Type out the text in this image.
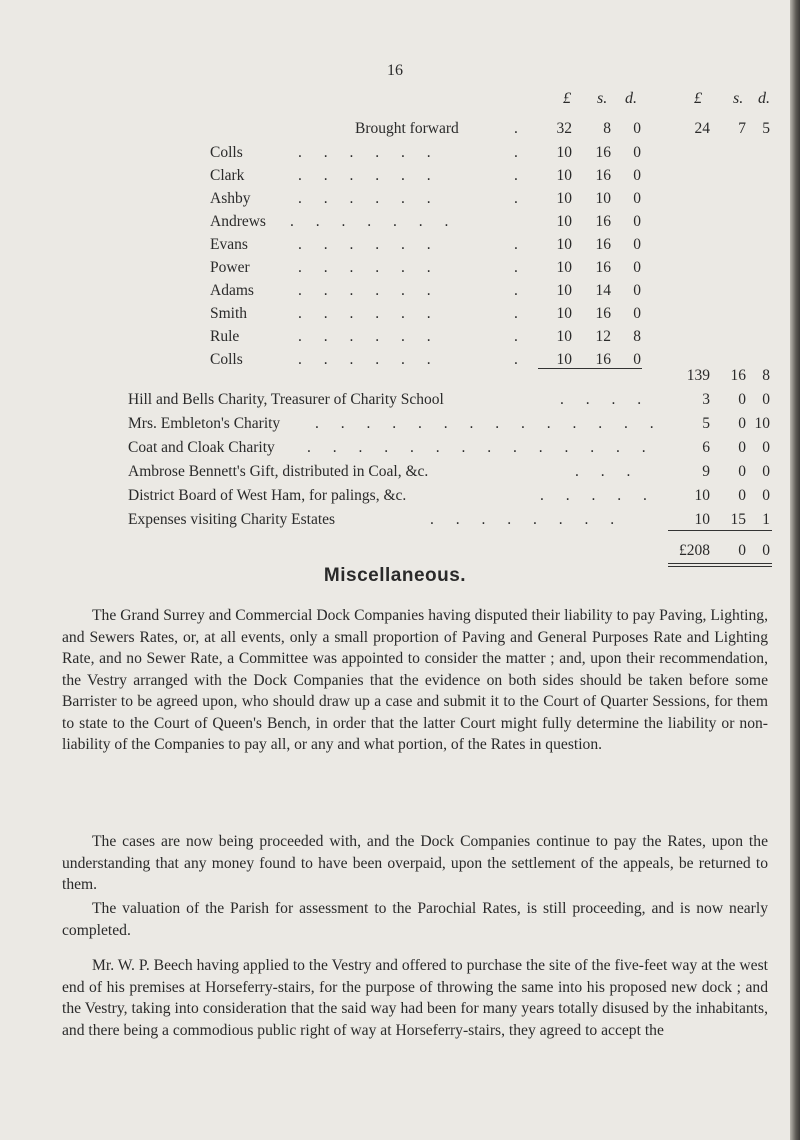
16
£ s. d.	£ s. d.
Brought forward	.	32	8	0	24	7	5
Colls	. . . . . .	.	10	16	0
Clark	. . . . . .	.	10	16	0
Ashby	. . . . . .	.	10	10	0
Andrews . . . . . . .	10	16	0
Evans	. . . . . .	.	10	16	0
Power	. . . . . .	.	10	16	0
Adams	. . . . . .	.	10	14	0
Smith	. . . . . .	.	10	16	0
Rule	. . . . . .	.	10	12	8
Colls	. . . . . .	.	10	16	0
139	16	8
Hill and Bells Charity, Treasurer of Charity School	. . . .	3	0	0
Mrs. Embleton's Charity . . . . . . . . . . . . . .	5	0 10
Coat and Cloak Charity . . . . . . . . . . . . . .	6	0	0
Ambrose Bennett's Gift, distributed in Coal, &c.	. . .	9	0	0
District Board of West Ham, for palings, &c.	. . . . .	10	0	0
Expenses visiting Charity Estates	. . . . . . . .	10	15	1
£208	0	0
Miscellaneous.

The Grand Surrey and Commercial Dock Companies having disputed their liability to pay Paving, Lighting, and Sewers Rates, or, at all events, only a small proportion of Paving and General Purposes Rate and Lighting Rate, and no Sewer Rate, a Committee was appointed to consider the matter ; and, upon their recommendation, the Vestry arranged with the Dock Companies that the evidence on both sides should be taken before some Barrister to be agreed upon, who should draw up a case and submit it to the Court of Quarter Sessions, for them to state to the Court of Queen's Bench, in order that the latter Court might fully determine the liability or non-liability of the Companies to pay all, or any and what portion, of the Rates in question.

The cases are now being proceeded with, and the Dock Companies continue to pay the Rates, upon the understanding that any money found to have been overpaid, upon the settlement of the appeals, be returned to them.

The valuation of the Parish for assessment to the Parochial Rates, is still proceeding, and is now nearly completed.

Mr. W. P. Beech having applied to the Vestry and offered to purchase the site of the five-feet way at the west end of his premises at Horseferry-stairs, for the purpose of throwing the same into his proposed new dock ; and the Vestry, taking into consideration that the said way had been for many years totally disused by the inhabitants, and there being a commodious public right of way at Horseferry-stairs, they agreed to accept the
